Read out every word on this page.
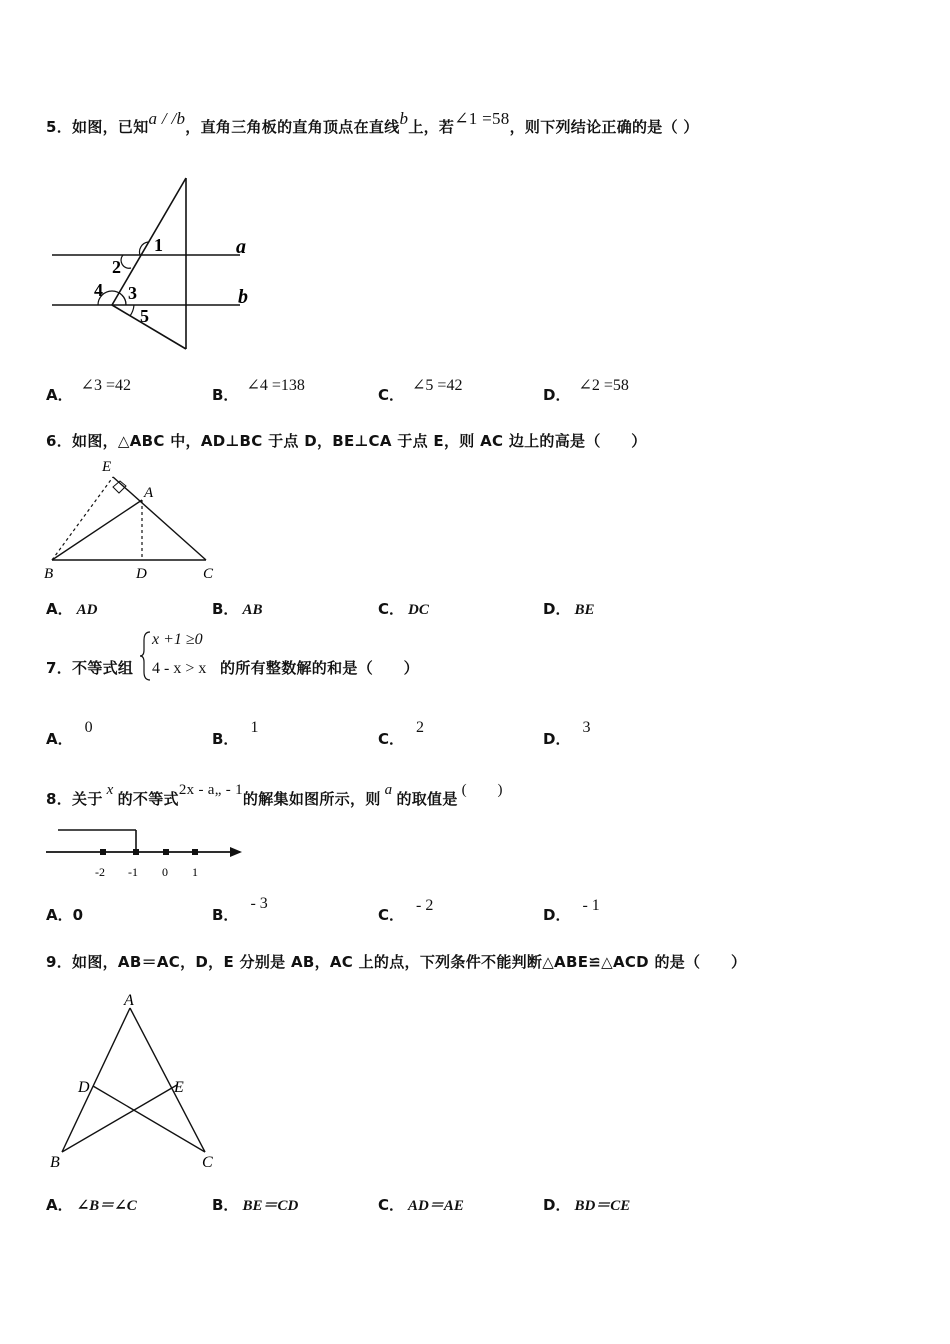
5．如图，已知a / /b，直角三角板的直角顶点在直线b上，若∠1 =58，则下列结论正确的是（ ）
1
2
3
4
5
a
b
A．∠3 =42
B．∠4 =138
C．∠5 =42
D．∠2 =58
6．如图，△ABC 中，AD⊥BC 于点 D，BE⊥CA 于点 E，则 AC 边上的高是（　　）
E
A
B	D	C
A． AD	B． AB	C． DC	D． BE
7．不等式组
x +1 ≥0
4 - x > x 的所有整数解的和是（　　）
A．0
B．1
C．2
D．3
8．关于 x 的不等式2x - a„ - 1的解集如图所示，则 a 的取值是 (　　)
-2 -1 0 1
A．0	B．- 3
C．- 2
D．- 1
9．如图，AB＝AC，D，E 分别是 AB，AC 上的点，下列条件不能判断△ABE≌△ACD 的是（　　）
A
D	E
B	C
A． ∠B＝∠C	B． BE＝CD	C． AD＝AE	D． BD＝CE
